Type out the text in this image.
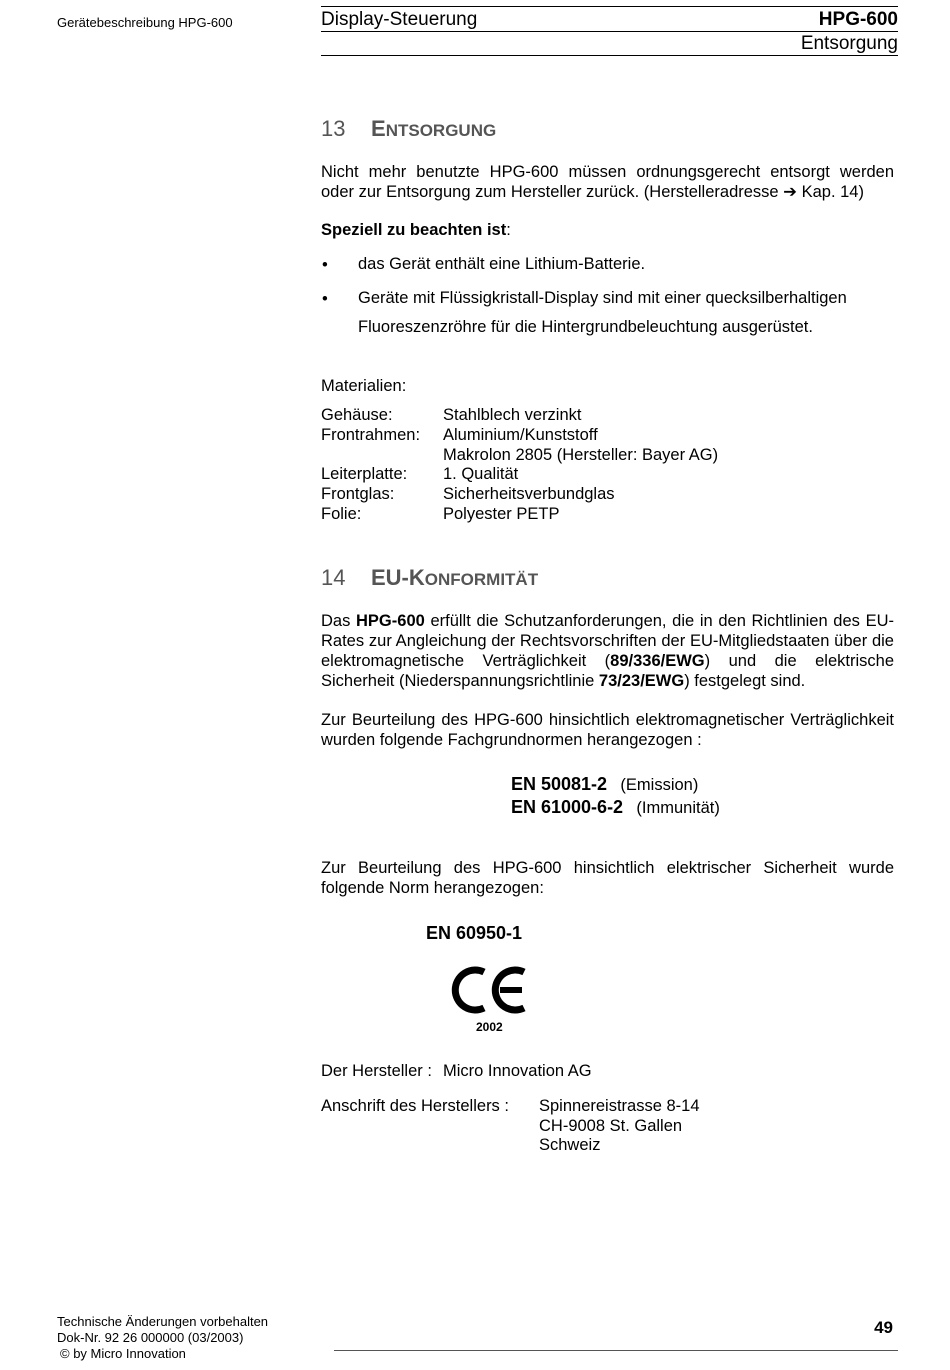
Gerätebeschreibung HPG-600	Display-Steuerung	HPG-600
Entsorgung
13 ENTSORGUNG
Nicht mehr benutzte HPG-600 müssen ordnungsgerecht entsorgt werden
oder zur Entsorgung zum Hersteller zurück. (Herstelleradresse ➔ Kap. 14)
Speziell zu beachten ist:
• das Gerät enthält eine Lithium-Batterie.
• Geräte mit Flüssigkristall-Display sind mit einer quecksilberhaltigen
Fluoreszenzröhre für die Hintergrundbeleuchtung ausgerüstet.
Materialien:
Gehäuse:	Stahlblech verzinkt
Frontrahmen: Aluminium/Kunststoff
Makrolon 2805 (Hersteller: Bayer AG)
Leiterplatte: 1. Qualität
Frontglas:	Sicherheitsverbundglas
Folie:	Polyester PETP
14 EU-KONFORMITÄT
Das HPG-600 erfüllt die Schutzanforderungen, die in den Richtlinien des EU-Rates zur Angleichung der Rechtsvorschriften der EU-Mitgliedstaaten über die elektromagnetische Verträglichkeit (89/336/EWG) und die elektrische Sicherheit (Niederspannungsrichtlinie 73/23/EWG) festgelegt sind.
Zur Beurteilung des HPG-600 hinsichtlich elektromagnetischer Verträglichkeit wurden folgende Fachgrundnormen herangezogen :
EN 50081-2 (Emission)
EN 61000-6-2 (Immunität)
Zur Beurteilung des HPG-600 hinsichtlich elektrischer Sicherheit wurde folgende Norm herangezogen:
EN 60950-1
2002
Der Hersteller : Micro Innovation AG
Anschrift des Herstellers : Spinnereistrasse 8-14
CH-9008 St. Gallen
Schweiz
Technische Änderungen vorbehalten
Dok-Nr. 92 26 000000 (03/2003)
© by Micro Innovation
49
